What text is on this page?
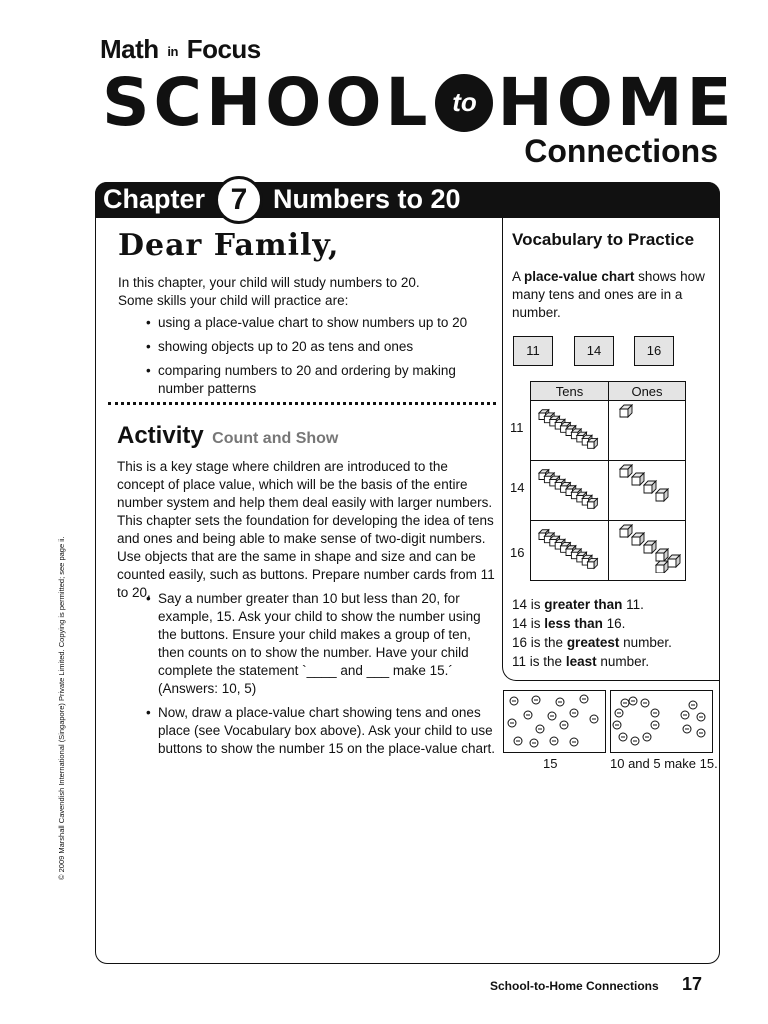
Math in Focus
SCHOOL to HOME
Connections
Chapter 7 Numbers to 20
Dear Family,
In this chapter, your child will study numbers to 20.
Some skills your child will practice are:
• using a place-value chart to show numbers up to 20
• showing objects up to 20 as tens and ones
• comparing numbers to 20 and ordering by making number patterns
Activity Count and Show
This is a key stage where children are introduced to the concept of place value, which will be the basis of the entire number system and help them deal easily with larger numbers. This chapter sets the foundation for developing the idea of tens and ones and being able to make sense of two-digit numbers. Use objects that are the same in shape and size and can be counted easily, such as buttons. Prepare number cards from 11 to 20. • Say a number greater than 10 but less than 20, for example, 15. Ask your child to show the number using the buttons. Ensure your child makes a group of ten, then counts on to show the number. Have your child complete the statement `____ and ___ make 15.´ (Answers: 10, 5)
• Now, draw a place-value chart showing tens and ones place (see Vocabulary box above). Ask your child to use buttons to show the number 15 on the place-value chart.
Vocabulary to Practice
A place-value chart shows how many tens and ones are in a number.
11	14	16
Tens	Ones

11
14
16
14 is greater than 11.
14 is less than 16.
16 is the greatest number.
11 is the least number.
15	10 and 5 make 15.
© 2009 Marshall Cavendish International (Singapore) Private Limited. Copying is permitted; see page ii.
School-to-Home Connections 17
